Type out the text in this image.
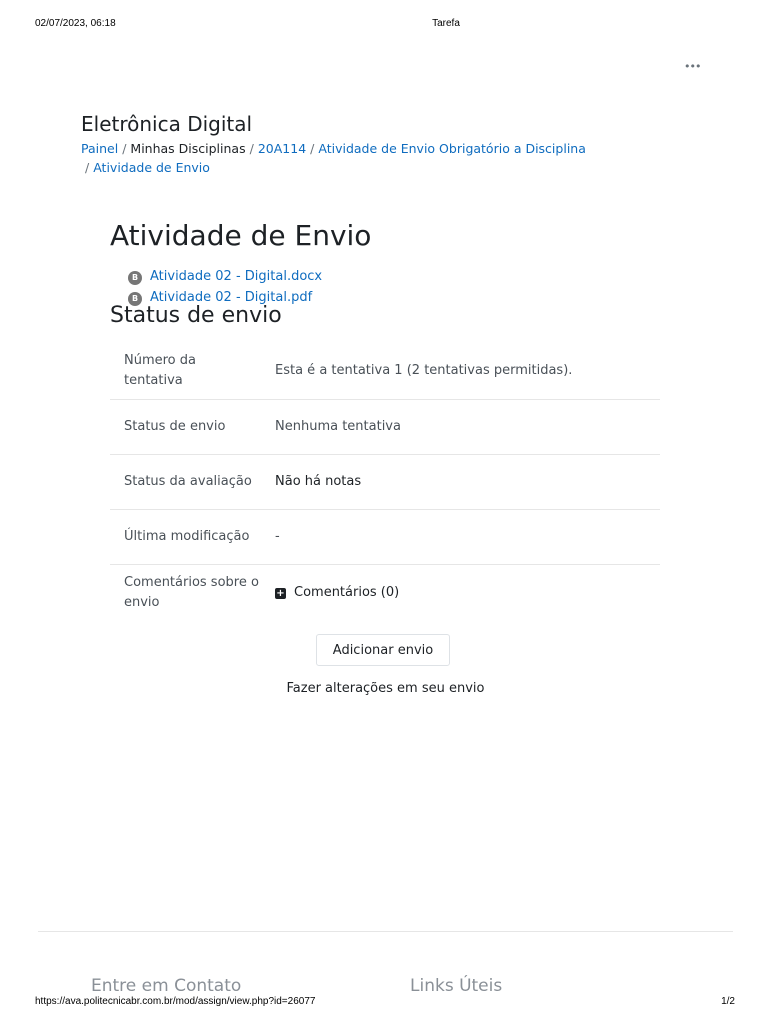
02/07/2023, 06:18	Tarefa
•••
Eletrônica Digital
Painel / Minhas Disciplinas / 20A114 / Atividade de Envio Obrigatório a Disciplina
/ Atividade de Envio
Atividade de Envio
B Atividade 02 - Digital.docx
B Atividade 02 - Digital.pdf
Status de envio
Número da tentativa	Esta é a tentativa 1 (2 tentativas permitidas).
Status de envio	Nenhuma tentativa
Status da avaliação	Não há notas
Última modificação	-

Comentários sobre o envio	+ Comentários (0)
Adicionar envio
Fazer alterações em seu envio
Entre em Contato	Links Úteis
https://ava.politecnicabr.com.br/mod/assign/view.php?id=26077	1/2
